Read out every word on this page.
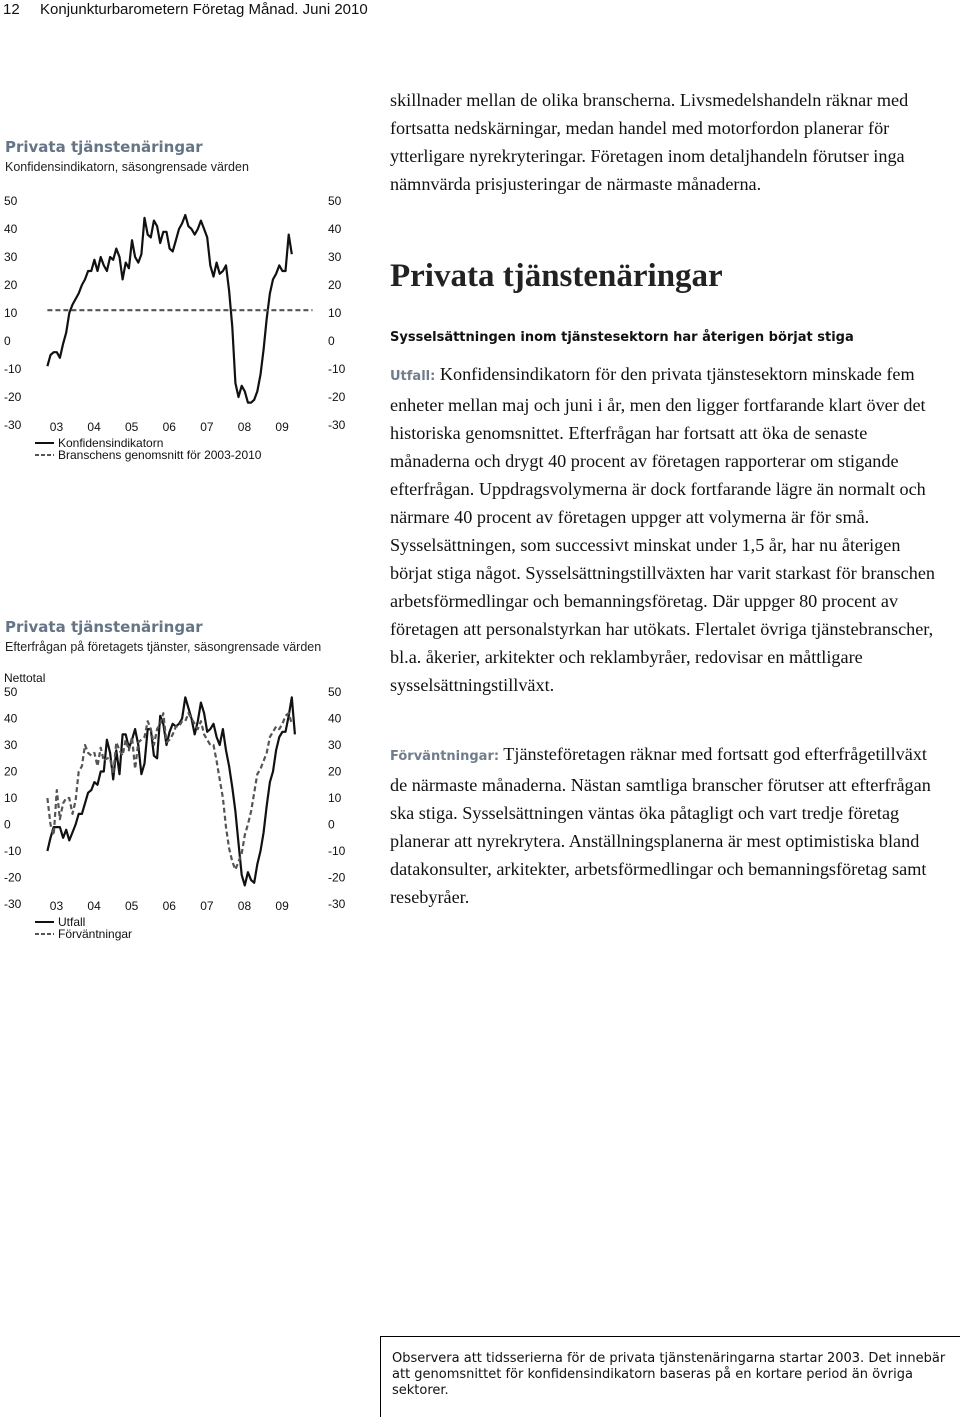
12 Konjunkturbarometern Företag Månad. Juni 2010

Privata tjänstenäringar

Konfidensindikatorn, säsongrensade värden

50	50
40	40
30	30
20	20
10	10
0	0
-10	-10
-20	-20
-30	-30
03 04 05 06 07 08 09
Konfidensindikatorn
Branschens genomsnitt för 2003-2010

Privata tjänstenäringar

Efterfrågan på företagets tjänster, säsongrensade värden

Nettotal
50	50
40	40
30	30
20	20
10	10
0	0
-10	-10
-20	-20
-30	-30
03 04 05 06 07 08 09
Utfall
Förväntningar

skillnader mellan de olika branscherna. Livsmedelshandeln räknar med fortsatta nedskärningar, medan handel med motorfordon planerar för ytterligare nyrekryteringar. Företagen inom detaljhandeln förutser inga nämnvärda prisjusteringar de närmaste månaderna.

Privata tjänstenäringar

Sysselsättningen inom tjänstesektorn har återigen börjat stiga

Utfall: Konfidensindikatorn för den privata tjänstesektorn minskade fem enheter mellan maj och juni i år, men den ligger fortfarande klart över det historiska genomsnittet. Efterfrågan har fortsatt att öka de senaste månaderna och drygt 40 procent av företagen rapporterar om stigande efterfrågan. Uppdragsvolymerna är dock fortfarande lägre än normalt och närmare 40 procent av företagen uppger att volymerna är för små. Sysselsättningen, som successivt minskat under 1,5 år, har nu återigen börjat stiga något. Sysselsättningstillväxten har varit starkast för branschen arbetsförmedlingar och bemanningsföretag. Där uppger 80 procent av företagen att personalstyrkan har utökats. Flertalet övriga tjänstebranscher, bl.a. åkerier, arkitekter och reklambyråer, redovisar en måttligare sysselsättningstillväxt.

Förväntningar: Tjänsteföretagen räknar med fortsatt god efterfrågetillväxt de närmaste månaderna. Nästan samtliga branscher förutser att efterfrågan ska stiga. Sysselsättningen väntas öka påtagligt och vart tredje företag planerar att nyrekrytera. Anställningsplanerna är mest optimistiska bland datakonsulter, arkitekter, arbetsförmedlingar och bemanningsföretag samt resebyråer.

Observera att tidsserierna för de privata tjänstenäringarna startar 2003. Det innebär att genomsnittet för konfidensindikatorn baseras på en kortare period än övriga sektorer.
